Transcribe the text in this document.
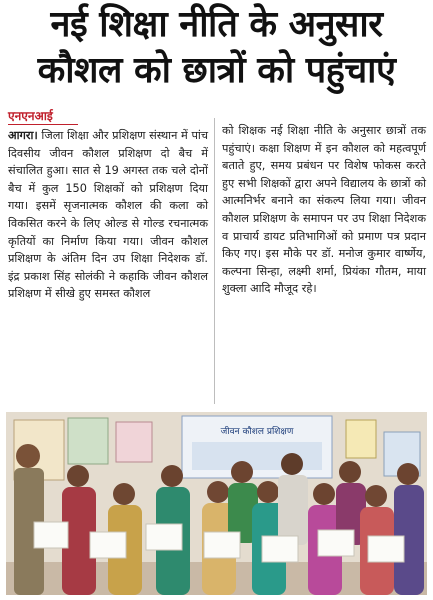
नई शिक्षा नीति के अनुसार
कौशल को छात्रों को पहुंचाएं
एनएनआई
आगरा। जिला शिक्षा और प्रशिक्षण संस्थान में पांच दिवसीय जीवन कौशल प्रशिक्षण दो बैच में संचालित हुआ। सात से 19 अगस्त तक चले दोनों बैच में कुल 150 शिक्षकों को प्रशिक्षण दिया गया। इसमें सृजनात्मक कौशल की कला को विकसित करने के लिए ओल्ड से गोल्ड रचनात्मक कृतियों का निर्माण किया गया। जीवन कौशल प्रशिक्षण के अंतिम दिन उप शिक्षा निदेशक डॉ. इंद्र प्रकाश सिंह सोलंकी ने कहाकि जीवन कौशल प्रशिक्षण में सीखे हुए समस्त कौशल
को शिक्षक नई शिक्षा नीति के अनुसार छात्रों तक पहुंचाएं। कक्षा शिक्षण में इन कौशल को महत्वपूर्ण बताते हुए, समय प्रबंधन पर विशेष फोकस करते हुए सभी शिक्षकों द्वारा अपने विद्यालय के छात्रों को आत्मनिर्भर बनाने का संकल्प लिया गया। जीवन कौशल प्रशिक्षण के समापन पर उप शिक्षा निदेशक व प्राचार्य डायट प्रतिभागिओं को प्रमाण पत्र प्रदान किए गए। इस मौके पर डॉ. मनोज कुमार वार्ष्णेय, कल्पना सिन्हा, लक्ष्मी शर्मा, प्रियंका गौतम, माया शुक्ला आदि मौजूद रहे।
जीवन कौशल प्रशिक्षण
